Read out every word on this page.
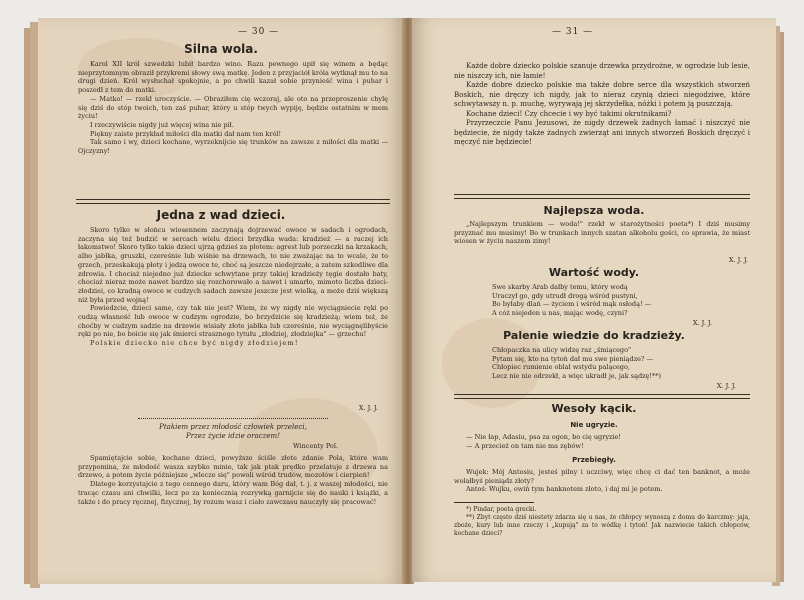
— 30 —
Silna wola.

Karol XII król szwedzki lubił bardzo wino. Razu pewnego upił się winem a będąc nieprzytomnym obraził przykremi słowy swą matkę. Jeden z przyjaciół króla wytknął mu to na drugi dzień. Król wysłuchał spokojnie, a po chwili kazał sobie przynieść wina i puhar i poszedł z tem do matki.

— Matko! — rzekł uroczyście. — Obraziłem cię wczoraj, ale oto na przeproszenie chylę się dziś do stóp twoich, ten zaś puhar, który u stóp twych wypiję, będzie ostatnim w mem życiu!

I rzeczywiście nigdy już więcej wina nie pił.

Piękny zaiste przykład miłości dla matki dał nam ten król!

Tak samo i wy, dzieci kochane, wyrzeknijcie się trunków na zawsze z miłości dla matki — Ojczyzny!

Jedna z wad dzieci.

Skoro tylko w słońcu wiosennem zaczynają dojrzewać owoce w sadach i ogrodach, zaczyna się też budzić w sercach wielu dzieci brzydka wada: kradzież — a raczej ich łakomstwo! Skoro tylko takie dzieci ujrzą gdzieś za płotem: agrest lub porzeczki na krzakach, albo jabłka, gruszki, czereśnie lub wiśnie na drzewach, to nie zważając na to wcale, że to grzech, przeskakują płoty i jedzą owoce te, choć są jeszcze niedojrzałe, a zatem szkodliwe dla zdrowia. I chociaż niejedno już dziecko schwytane przy takiej kradzieży tęgie dostało baty, chociaż nieraz może nawet bardzo się rozchorowało a nawet i umarło, mimoto liczba dzieci-złodziei, co kradną owoce w cudzych sadach zawsze jeszcze jest wielką, a może dziś większą niż była przed wojną!

Powiedzcie, dzieci same, czy tak nie jest? Wiem, że wy nigdy nie wyciągniecie ręki po cudzą własność lub owoce w cudzym ogrodzie, bo brzydzicie się kradzieżą; wiem też, że choćby w cudzym sadzie na drzewie wisiały złote jabłka lub czereśnie, nie wyciągnęlibyście ręki po nie, bo boicie się jak śmierci strasznego tytułu „złodziej, złodziejka" — grzechu!

Polskie dziecko nie chce być nigdy złodziejem!

X. J. J.

Ptakiem przez młodość człowiek przeleci,

Przez życie idzie oraczem!

Wincenty Pol.

Spamiętajcie sobie, kochane dzieci, powyższe ściśle złote zdanie Pola, które wam przypomina, że młodość wasza szybko minie, tak jak ptak prędko przelatuje z drzewa na drzewo, a potem życie późniejsze „wlecze się" powoli wśród trudów, mozołów i cierpień!

Dlatego korzystajcie z tego cennego daru, który wam Bóg dał, t. j. z waszej młodości, nie tracąc czasu ani chwilki, lecz po za koniecznią rozrywką garnijcie się do nauki i książki, a także i do pracy ręcznej, fizycznej, by rozum wasz i ciało zawczasu nauczyły się pracować!

— 31 —

Każde dobre dziecko polskie szanuje drzewka przydrożne, w ogrodzie lub lesie, nie niszczy ich, nie łamie!

Każde dobre dziecko polskie ma także dobre serce dla wszystkich stworzeń Boskich, nie dręczy ich nigdy, jak to nieraz czynią dzieci niegodziwe, które schwytawszy n. p. muchę, wyrywają jej skrzydełka, nóżki i potem ją puszczają.

Kochane dzieci! Czy chcecie i wy być takimi okrutnikami?

Przyrzeczcie Panu Jezusowi, że nigdy drzewek żadnych łamać i niszczyć nie będziecie, że nigdy także żadnych zwierząt ani innych stworzeń Boskich dręczyć i męczyć nie będziecie!

Najlepsza woda.

„Najlepszym trunkiem — woda!" rzekł w starożytności poeta*) I dziś musimy przyznać mu musimy! Bo w trunkach innych szatan alkoholu gości, co sprawia, że miast wiosen w życiu naszem zimy!

X. J. J.
Wartość wody.

Swe skarby Arab dałby temu, który wodą

Uraczył go, gdy utrudł drogą wśród pustyni,

Bo byłaby dlań — życiem i wśród mąk osłodą! —

A cóż niejeden u nas, mając wodę, czyni?

X. J. J.
Palenie wiedzie do kradzieży.

Chłopaczka na ulicy widzę raz „śmiącego"

Pytam się, kto na tytoń dał mu swe pieniądze? —

Chłopiec rumienie oblał wstydu palącego,

Lecz nie nie odrzekł, a więc ukradł je, jak sądzę!**)

X. J. J.
Wesoły kącik.
Nie ugryzie.

— Nie łap, Adasiu, psa za ogon, bo cię ugryzie!

— A przecież on tam nie ma zębów!

Przebiegły.

Wujek: Mój Antosiu, jesteś pilny i uczciwy, więc chcę ci dać ten banknot, a może wolałbyś pieniądz złoty?

Antoś: Wujku, owiń tym banknotem złoto, i daj mi je potem.

*) Pindar, poeta grecki.

**) Zbyt często dziś niestety zdarza się u nas, że chłopcy wynoszą z domu do karczmy: jaja, zboże, kury lub inne rzeczy i „kupują" za to wódkę i tytoń! Jak nazwiecie takich chłopców, kochane dzieci?
